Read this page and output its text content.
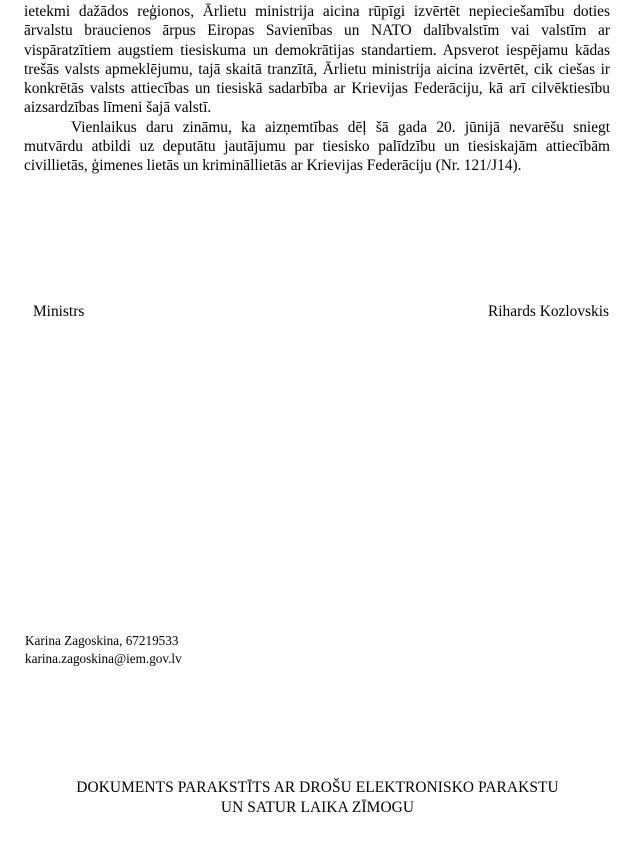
ietekmi dažādos reģionos, Ārlietu ministrija aicina rūpīgi izvērtēt nepieciešamību doties ārvalstu braucienos ārpus Eiropas Savienības un NATO dalībvalstīm vai valstīm ar vispāratzītiem augstiem tiesiskuma un demokrātijas standartiem. Apsverot iespējamu kādas trešās valsts apmeklējumu, tajā skaitā tranzītā, Ārlietu ministrija aicina izvērtēt, cik ciešas ir konkrētās valsts attiecības un tiesiskā sadarbība ar Krievijas Federāciju, kā arī cilvēktiesību aizsardzības līmeni šajā valstī.

Vienlaikus daru zināmu, ka aizņemtības dēļ šā gada 20. jūnijā nevarēšu sniegt mutvārdu atbildi uz deputātu jautājumu par tiesisko palīdzību un tiesiskajām attiecībām civillietās, ģimenes lietās un krimināllietās ar Krievijas Federāciju (Nr. 121/J14).

Ministrs	Rihards Kozlovskis
Karina Zagoskina, 67219533
karina.zagoskina@iem.gov.lv
DOKUMENTS PARAKSTĪTS AR DROŠU ELEKTRONISKO PARAKSTU
UN SATUR LAIKA ZĪMOGU
